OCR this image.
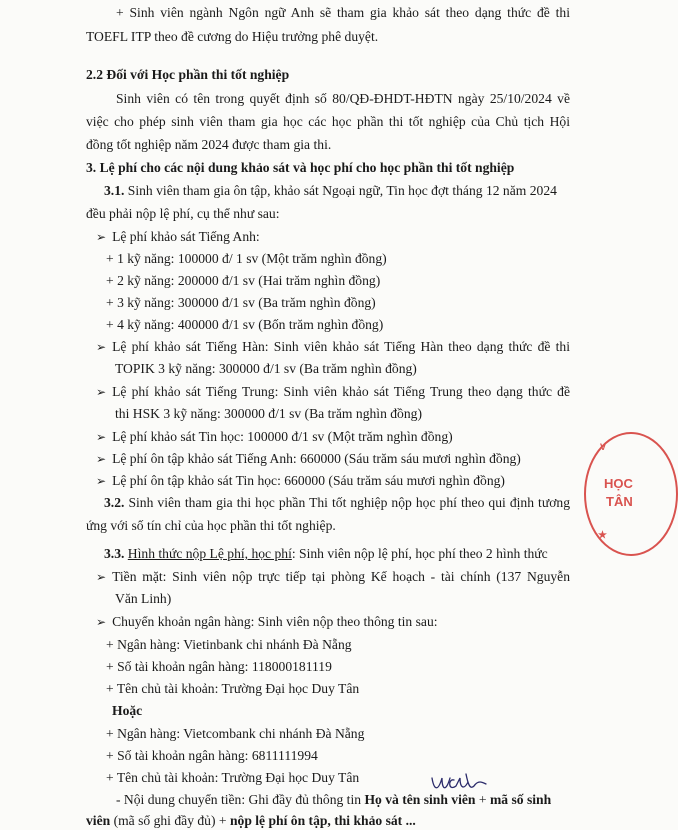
+ Sinh viên ngành Ngôn ngữ Anh sẽ tham gia khảo sát theo dạng thức đề thi
TOEFL ITP theo đề cương do Hiệu trưởng phê duyệt.
2.2 Đối với Học phần thi tốt nghiệp
Sinh viên có tên trong quyết định số 80/QĐ-ĐHDT-HĐTN ngày 25/10/2024 về
việc cho phép sinh viên tham gia học các học phần thi tốt nghiệp của Chủ tịch Hội
đồng tốt nghiệp năm 2024 được tham gia thi.
3. Lệ phí cho các nội dung khảo sát và học phí cho học phần thi tốt nghiệp
3.1. Sinh viên tham gia ôn tập, khảo sát Ngoại ngữ, Tin học đợt tháng 12 năm 2024
đều phải nộp lệ phí, cụ thể như sau:
➢ Lệ phí khảo sát Tiếng Anh:
+ 1 kỹ năng: 100000 đ/ 1 sv (Một trăm nghìn đồng)
+ 2 kỹ năng: 200000 đ/1 sv (Hai trăm nghìn đồng)
+ 3 kỹ năng: 300000 đ/1 sv (Ba trăm nghìn đồng)
+ 4 kỹ năng: 400000 đ/1 sv (Bốn trăm nghìn đồng)
➢ Lệ phí khảo sát Tiếng Hàn: Sinh viên khảo sát Tiếng Hàn theo dạng thức đề thi
TOPIK 3 kỹ năng: 300000 đ/1 sv (Ba trăm nghìn đồng)
➢ Lệ phí khảo sát Tiếng Trung: Sinh viên khảo sát Tiếng Trung theo dạng thức đề
thi HSK 3 kỹ năng: 300000 đ/1 sv (Ba trăm nghìn đồng)
➢ Lệ phí khảo sát Tin học: 100000 đ/1 sv (Một trăm nghìn đồng)
➢ Lệ phí ôn tập khảo sát Tiếng Anh: 660000 (Sáu trăm sáu mươi nghìn đồng)
➢ Lệ phí ôn tập khảo sát Tin học: 660000 (Sáu trăm sáu mươi nghìn đồng)
3.2. Sinh viên tham gia thi học phần Thi tốt nghiệp nộp học phí theo qui định tương
ứng với số tín chỉ của học phần thi tốt nghiệp.
3.3. Hình thức nộp Lệ phí, học phí: Sinh viên nộp lệ phí, học phí theo 2 hình thức
➢ Tiền mặt: Sinh viên nộp trực tiếp tại phòng Kế hoạch - tài chính (137 Nguyễn
Văn Linh)
➢ Chuyển khoản ngân hàng: Sinh viên nộp theo thông tin sau:
+ Ngân hàng: Vietinbank chi nhánh Đà Nẵng
+ Số tài khoản ngân hàng: 118000181119
+ Tên chủ tài khoản: Trường Đại học Duy Tân
Hoặc
+ Ngân hàng: Vietcombank chi nhánh Đà Nẵng
+ Số tài khoản ngân hàng: 6811111994
+ Tên chủ tài khoản: Trường Đại học Duy Tân
- Nội dung chuyển tiền: Ghi đầy đủ thông tin Họ và tên sinh viên + mã số sinh
viên (mã số ghi đầy đủ) + nộp lệ phí ôn tập, thi khảo sát ...
V
HỌC
TÂN
★
